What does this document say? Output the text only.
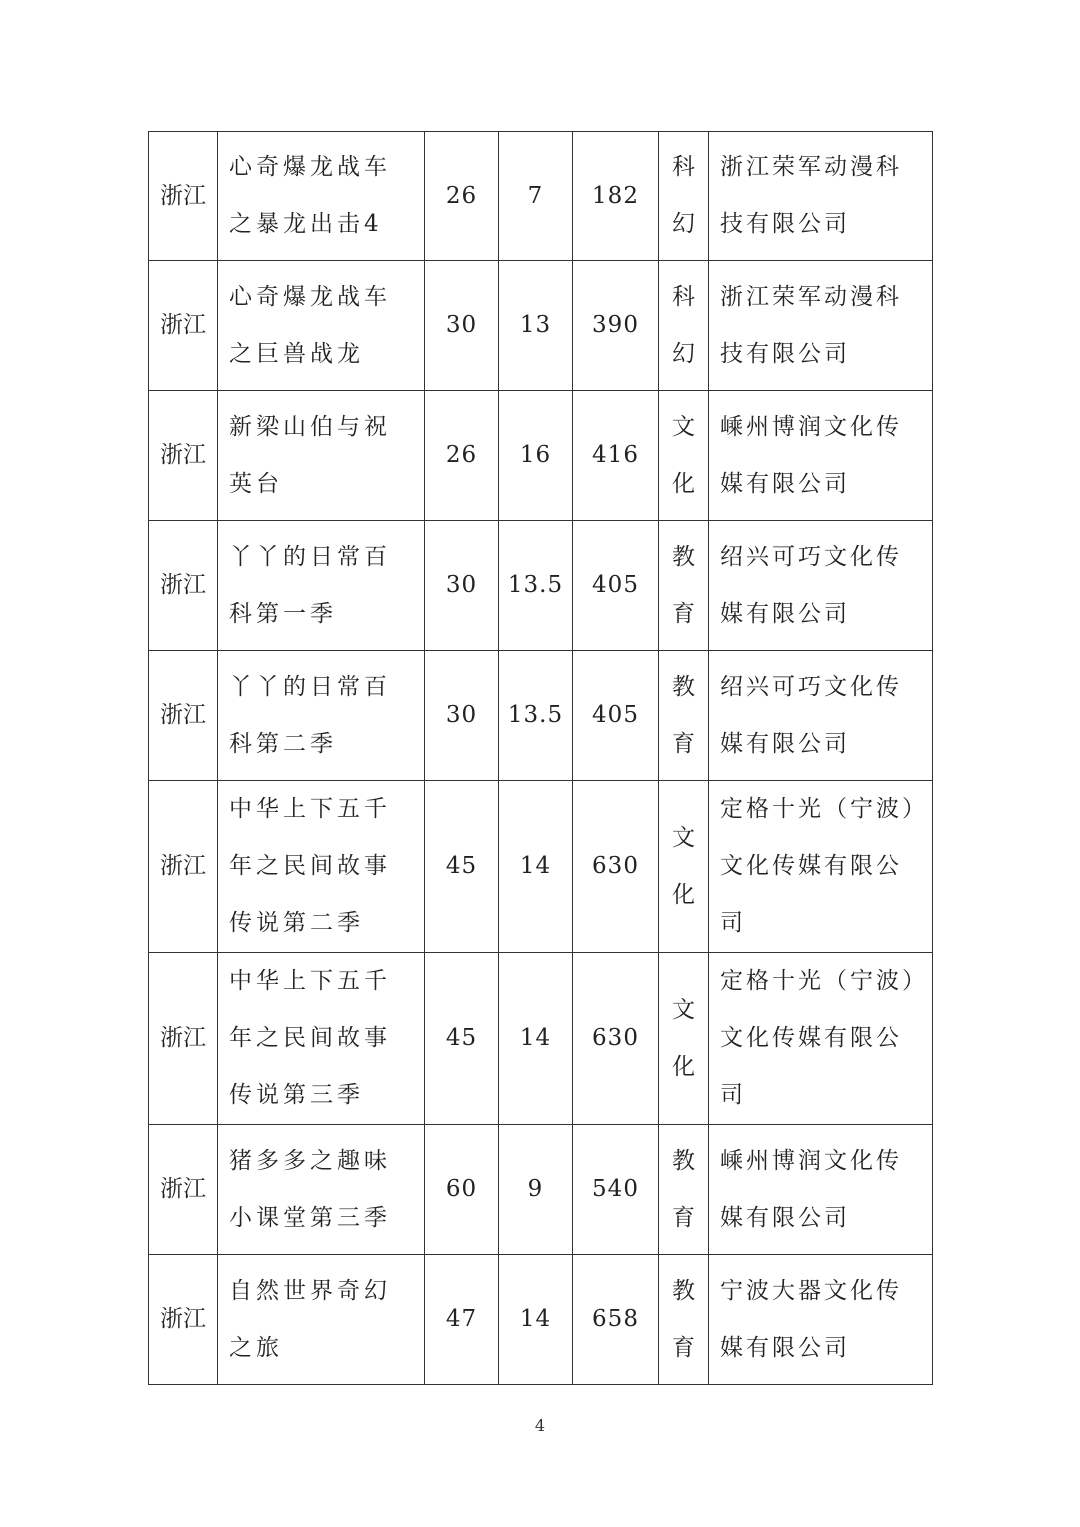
浙江	心奇爆龙战车之暴龙出击4	26	7	182	科幻	浙江荣军动漫科技有限公司
浙江	心奇爆龙战车之巨兽战龙	30	13	390	科幻	浙江荣军动漫科技有限公司
浙江	新梁山伯与祝英台	26	16	416	文化	嵊州博润文化传媒有限公司
浙江	丫丫的日常百科第一季	30	13.5	405	教育	绍兴可巧文化传媒有限公司
浙江	丫丫的日常百科第二季	30	13.5	405	教育	绍兴可巧文化传媒有限公司
浙江	中华上下五千年之民间故事传说第二季	45	14	630	文化	定格十光（宁波）文化传媒有限公司
浙江	中华上下五千年之民间故事传说第三季	45	14	630	文化	定格十光（宁波）文化传媒有限公司
浙江	猪多多之趣味小课堂第三季	60	9	540	教育	嵊州博润文化传媒有限公司
浙江	自然世界奇幻之旅	47	14	658	教育	宁波大器文化传媒有限公司
4
